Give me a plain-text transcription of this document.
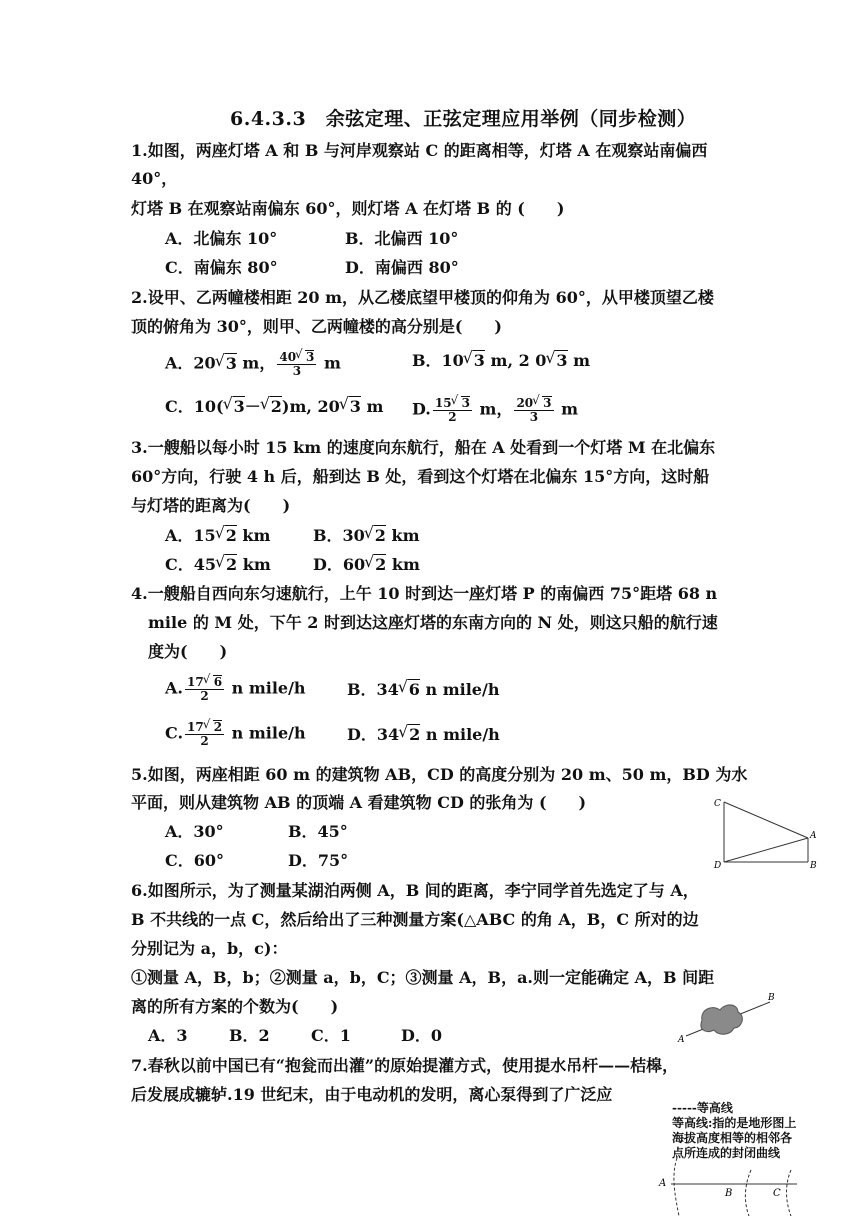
6.4.3.3　余弦定理、正弦定理应用举例（同步检测）
1.如图，两座灯塔 A 和 B 与河岸观察站 C 的距离相等，灯塔 A 在观察站南偏西
40°，
灯塔 B 在观察站南偏东 60°，则灯塔 A 在灯塔 B 的 (　　)
A．北偏东 10°	B．北偏西 10°
C．南偏东 80°	D．南偏西 80°
2.设甲、乙两幢楼相距 20 m，从乙楼底望甲楼顶的仰角为 60°，从甲楼顶望乙楼
顶的俯角为 30°，则甲、乙两幢楼的高分别是(　　)
A．20 √ 3 m， $\frac{40 √ 3}{3}$ m	B．10 √ 3 m, 2 0 √ 3 m
C．10( √ 3－ √ 2)m, 20 √ 3 m D. $\frac{15 √ 3}{2}$ m， $\frac{20 √ 3}{3}$ m
3.一艘船以每小时 15 km 的速度向东航行，船在 A 处看到一个灯塔 M 在北偏东
60°方向，行驶 4 h 后，船到达 B 处，看到这个灯塔在北偏东 15°方向，这时船
与灯塔的距离为(　　)
A．15 √ 2 km	B．30 √ 2 km
C．45 √ 2 km	D．60 √ 2 km
4.一艘船自西向东匀速航行，上午 10 时到达一座灯塔 P 的南偏西 75°距塔 68 n
mile 的 M 处，下午 2 时到达这座灯塔的东南方向的 N 处，则这只船的航行速
度为(　　)
A. $\frac{17 √ 6}{2}$ n mile/h	B．34 √ 6 n mile/h
C. $\frac{17 √ 2}{2}$ n mile/h	D．34 √ 2 n mile/h
5.如图，两座相距 60 m 的建筑物 AB，CD 的高度分别为 20 m、50 m，BD 为水
平面，则从建筑物 AB 的顶端 A 看建筑物 CD 的张角为 (　　)
A．30°	B．45°
C．60°	D．75°
C
A
D	B
6.如图所示，为了测量某湖泊两侧 A，B 间的距离，李宁同学首先选定了与 A，
B 不共线的一点 C，然后给出了三种测量方案(△ABC 的角 A，B，C 所对的边
分别记为 a，b，c)：
①测量 A，B，b；②测量 a，b，C；③测量 A，B，a.则一定能确定 A，B 间距
离的所有方案的个数为(　　)
A．3	B．2	C．1	D．0	A
B
7.春秋以前中国已有“抱瓮而出灌”的原始提灌方式，使用提水吊杆——桔槔，
后发展成辘轳.19 世纪末，由于电动机的发明，离心泵得到了广泛应
-----等高线
等高线:指的是地形图上
海拔高度相等的相邻各
点所连成的封闭曲线
A
B	C
